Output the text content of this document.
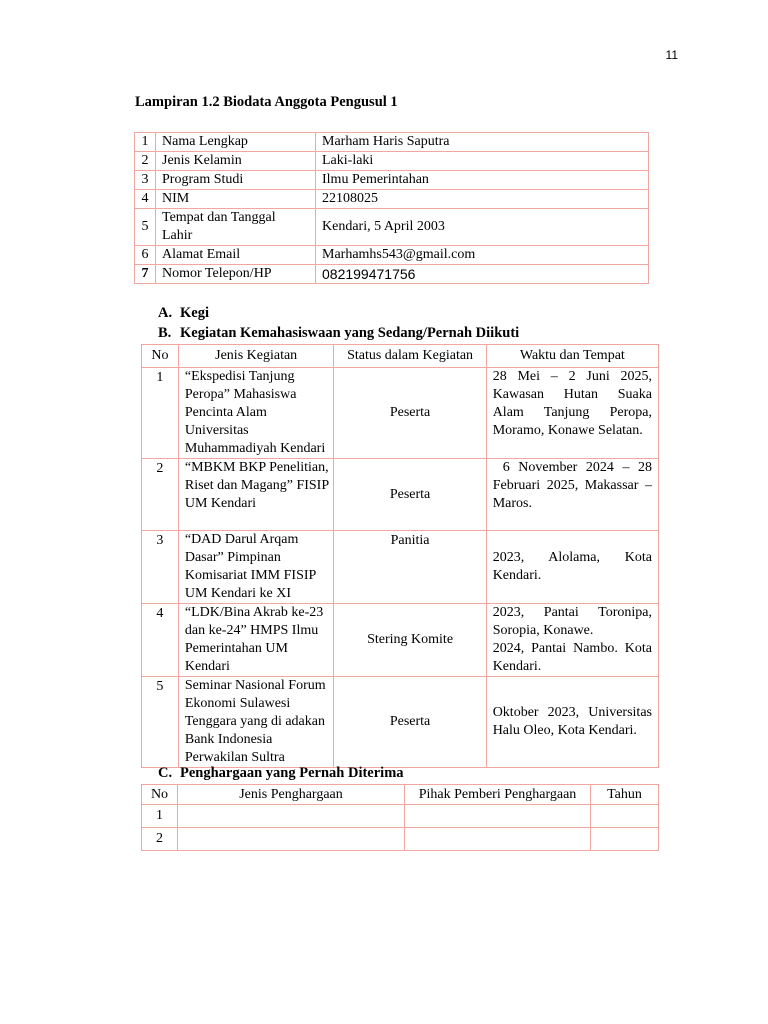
11
Lampiran 1.2 Biodata Anggota Pengusul 1
1	Nama Lengkap	Marham Haris Saputra
2	Jenis Kelamin	Laki-laki
3	Program Studi	Ilmu Pemerintahan
4	NIM	22108025
5	Tempat dan Tanggal Lahir	Kendari, 5 April 2003
6	Alamat Email	Marhamhs543@gmail.com
7	Nomor Telepon/HP	082199471756
A. Kegi
B. Kegiatan Kemahasiswaan yang Sedang/Pernah Diikuti
No	Jenis Kegiatan	Status dalam Kegiatan	Waktu dan Tempat
1	“Ekspedisi Tanjung Peropa” Mahasiswa Pencinta Alam Universitas Muhammadiyah Kendari	Peserta	28 Mei – 2 Juni 2025, Kawasan Hutan Suaka Alam Tanjung Peropa, Moramo, Konawe Selatan.
2	“MBKM BKP Penelitian, Riset dan Magang” FISIP UM Kendari	Peserta	6 November 2024 – 28 Februari 2025, Makassar – Maros.
3	“DAD Darul Arqam Dasar” Pimpinan Komisariat IMM FISIP UM Kendari ke XI	Panitia	2023, Alolama, Kota Kendari.
4	“LDK/Bina Akrab ke-23 dan ke-24” HMPS Ilmu Pemerintahan UM Kendari	Stering Komite	2023, Pantai Toronipa, Soropia, Konawe.
2024, Pantai Nambo. Kota Kendari.

5	Seminar Nasional Forum Ekonomi Sulawesi Tenggara yang di adakan Bank Indonesia Perwakilan Sultra	Peserta	Oktober 2023, Universitas Halu Oleo, Kota Kendari.
C. Penghargaan yang Pernah Diterima
No	Jenis Penghargaan	Pihak Pemberi Penghargaan	Tahun
1			
2			
